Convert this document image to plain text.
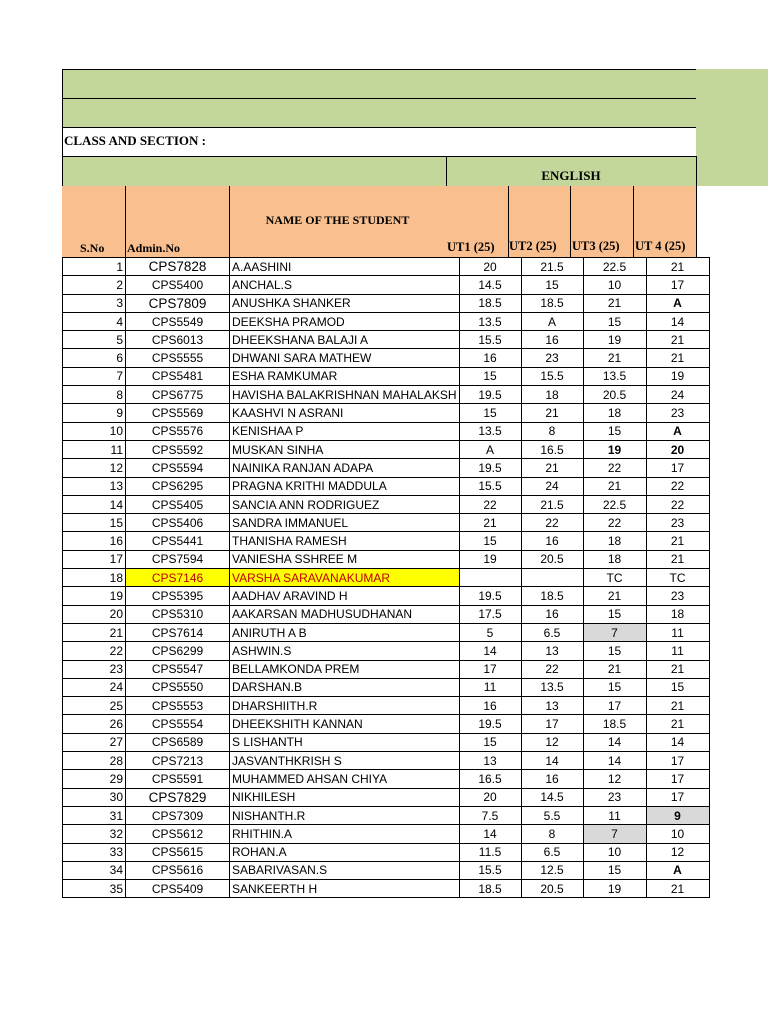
CLASS AND SECTION :
ENGLISH
S.No Admin.No
NAME OF THE STUDENT
UT1 (25) UT2 (25) UT3 (25) UT 4 (25)
1	CPS7828	A.AASHINI	20	21.5	22.5	21
2	CPS5400	ANCHAL.S	14.5	15	10	17
3	CPS7809	ANUSHKA SHANKER	18.5	18.5	21	A
4	CPS5549	DEEKSHA PRAMOD	13.5	A	15	14
5	CPS6013	DHEEKSHANA BALAJI A	15.5	16	19	21
6	CPS5555	DHWANI SARA MATHEW	16	23	21	21
7	CPS5481	ESHA RAMKUMAR	15	15.5	13.5	19
8	CPS6775	HAVISHA BALAKRISHNAN MAHALAKSH	19.5	18	20.5	24
9	CPS5569	KAASHVI N ASRANI	15	21	18	23
10	CPS5576	KENISHAA P	13.5	8	15	A
11	CPS5592	MUSKAN SINHA	A	16.5	19	20
12	CPS5594	NAINIKA RANJAN ADAPA	19.5	21	22	17
13	CPS6295	PRAGNA KRITHI MADDULA	15.5	24	21	22
14	CPS5405	SANCIA ANN RODRIGUEZ	22	21.5	22.5	22
15	CPS5406	SANDRA IMMANUEL	21	22	22	23
16	CPS5441	THANISHA RAMESH	15	16	18	21
17	CPS7594	VANIESHA SSHREE M	19	20.5	18	21
18	CPS7146	VARSHA SARAVANAKUMAR			TC	TC
19	CPS5395	AADHAV ARAVIND H	19.5	18.5	21	23
20	CPS5310	AAKARSAN MADHUSUDHANAN	17.5	16	15	18
21	CPS7614	ANIRUTH A B	5	6.5	7	11
22	CPS6299	ASHWIN.S	14	13	15	11
23	CPS5547	BELLAMKONDA PREM	17	22	21	21
24	CPS5550	DARSHAN.B	11	13.5	15	15
25	CPS5553	DHARSHIITH.R	16	13	17	21
26	CPS5554	DHEEKSHITH KANNAN	19.5	17	18.5	21
27	CPS6589	S LISHANTH	15	12	14	14
28	CPS7213	JASVANTHKRISH S	13	14	14	17
29	CPS5591	MUHAMMED AHSAN CHIYA	16.5	16	12	17
30	CPS7829	NIKHILESH	20	14.5	23	17
31	CPS7309	NISHANTH.R	7.5	5.5	11	9
32	CPS5612	RHITHIN.A	14	8	7	10
33	CPS5615	ROHAN.A	11.5	6.5	10	12
34	CPS5616	SABARIVASAN.S	15.5	12.5	15	A
35	CPS5409	SANKEERTH H	18.5	20.5	19	21
